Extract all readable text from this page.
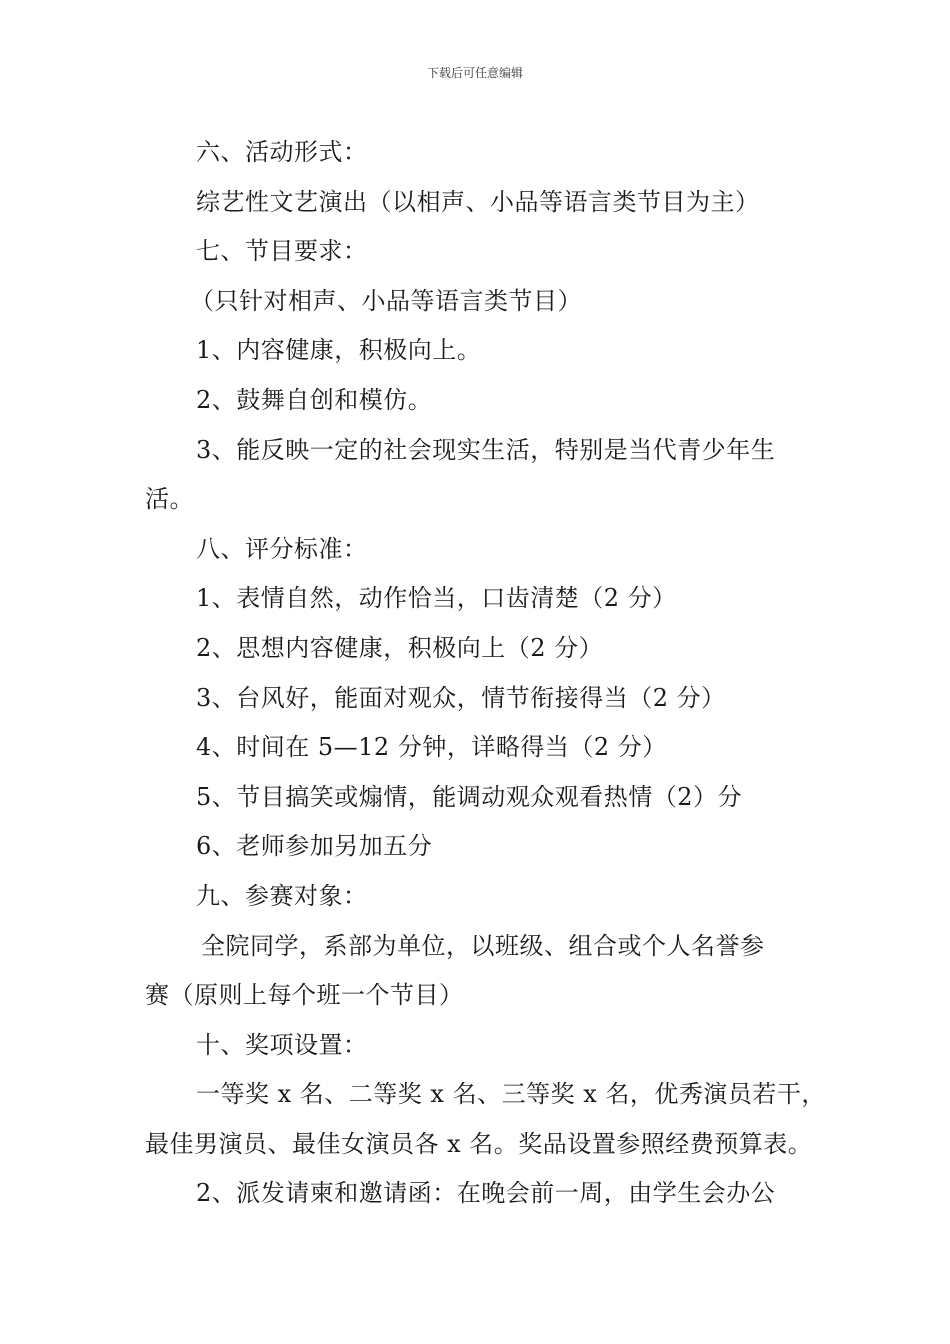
下载后可任意编辑
六、活动形式：
综艺性文艺演出（以相声、小品等语言类节目为主）
七、节目要求：
（只针对相声、小品等语言类节目）
1、内容健康，积极向上。
2、鼓舞自创和模仿。
3、能反映一定的社会现实生活，特别是当代青少年生
活。
八、评分标准：
1、表情自然，动作恰当，口齿清楚（2 分）
2、思想内容健康，积极向上（2 分）
3、台风好，能面对观众，情节衔接得当（2 分）
4、时间在 5—12 分钟，详略得当（2 分）
5、节目搞笑或煽情，能调动观众观看热情（2）分
6、老师参加另加五分
九、参赛对象：
全院同学，系部为单位，以班级、组合或个人名誉参
赛（原则上每个班一个节目）
十、奖项设置：
一等奖 x 名、二等奖 x 名、三等奖 x 名，优秀演员若干，
最佳男演员、最佳女演员各 x 名。奖品设置参照经费预算表。
2、派发请柬和邀请函：在晚会前一周，由学生会办公
